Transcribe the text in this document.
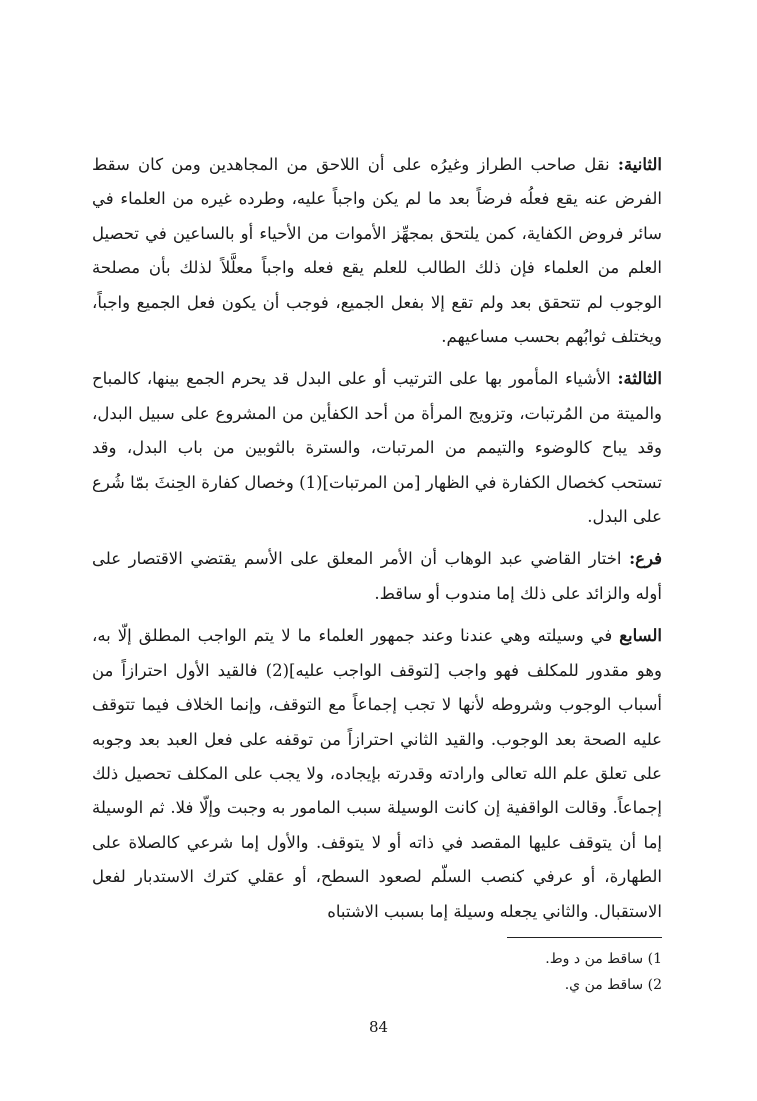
الثانية: نقل صاحب الطراز وغيرُه على أن اللاحق من المجاهدين ومن كان سقط الفرض عنه يقع فعلُه فرضاً بعد ما لم يكن واجباً عليه، وطرده غيره من العلماء في سائر فروض الكفاية، كمن يلتحق بمجهِّز الأموات من الأحياء أو بالساعين في تحصيل العلم من العلماء فإن ذلك الطالب للعلم يقع فعله واجباً معلَّلاً لذلك بأن مصلحة الوجوب لم تتحقق بعد ولم تقع إلا بفعل الجميع، فوجب أن يكون فعل الجميع واجباً، ويختلف ثوابُهم بحسب مساعيهم.

الثالثة: الأشياء المأمور بها على الترتيب أو على البدل قد يحرم الجمع بينها، كالمباح والميتة من المُرتبات، وتزويج المرأة من أحد الكفأين من المشروع على سبيل البدل، وقد يباح كالوضوء والتيمم من المرتبات، والسترة بالثوبين من باب البدل، وقد تستحب كخصال الكفارة في الظهار [من المرتبات](1) وخصال كفارة الحِنثَ بمّا شُرع على البدل.

فرع: اختار القاضي عبد الوهاب أن الأمر المعلق على الأسم يقتضي الاقتصار على أوله والزائد على ذلك إما مندوب أو ساقط.

السابع في وسيلته وهي عندنا وعند جمهور العلماء ما لا يتم الواجب المطلق إلّا به، وهو مقدور للمكلف فهو واجب [لتوقف الواجب عليه](2) فالقيد الأول احترازاً من أسباب الوجوب وشروطه لأنها لا تجب إجماعاً مع التوقف، وإنما الخلاف فيما تتوقف عليه الصحة بعد الوجوب. والقيد الثاني احترازاً من توقفه على فعل العبد بعد وجوبه على تعلق علم الله تعالى وارادته وقدرته بإيجاده، ولا يجب على المكلف تحصيل ذلك إجماعاً. وقالت الواقفية إن كانت الوسيلة سبب المامور به وجبت وإلّا فلا. ثم الوسيلة إما أن يتوقف عليها المقصد في ذاته أو لا يتوقف. والأول إما شرعي كالصلاة على الطهارة، أو عرفي كنصب السلّم لصعود السطح، أو عقلي كترك الاستدبار لفعل الاستقبال. والثاني يجعله وسيلة إما بسبب الاشتباه

1) ساقط من د وط.
2) ساقط من ي.
84
